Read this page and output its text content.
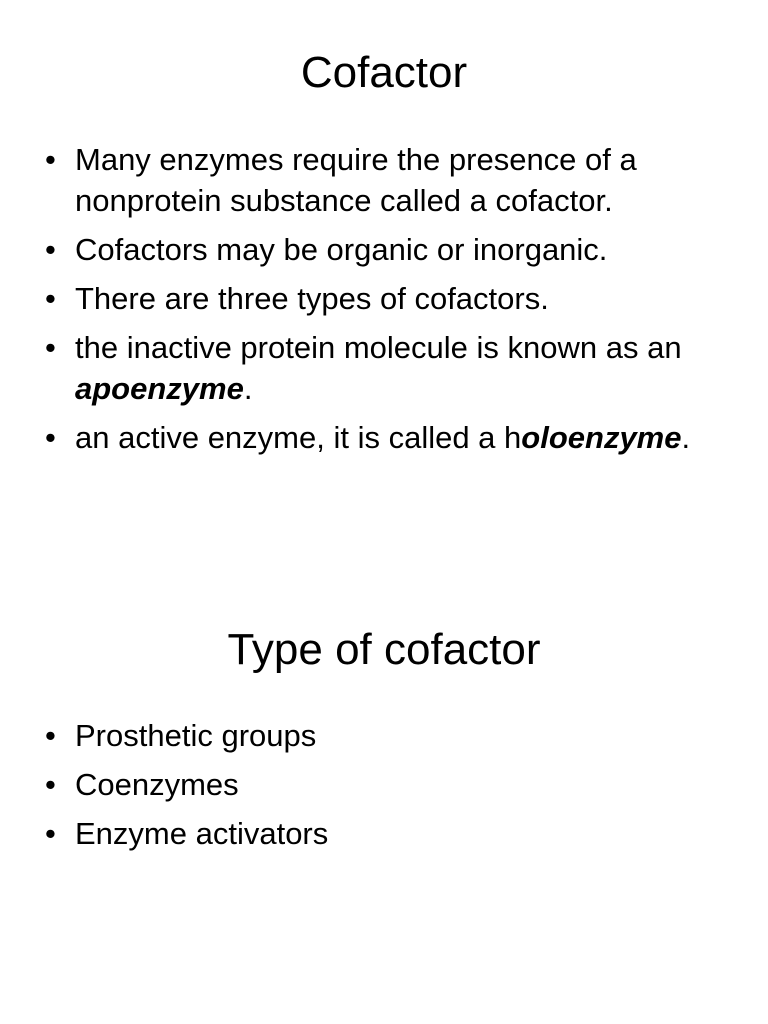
Cofactor
• Many enzymes require the presence of a nonprotein substance called a cofactor.
• Cofactors may be organic or inorganic.
• There are three types of cofactors.
• the inactive protein molecule is known as an apoenzyme.
• an active enzyme, it is called a holoenzyme.
Type of cofactor
• Prosthetic groups
• Coenzymes
• Enzyme activators
